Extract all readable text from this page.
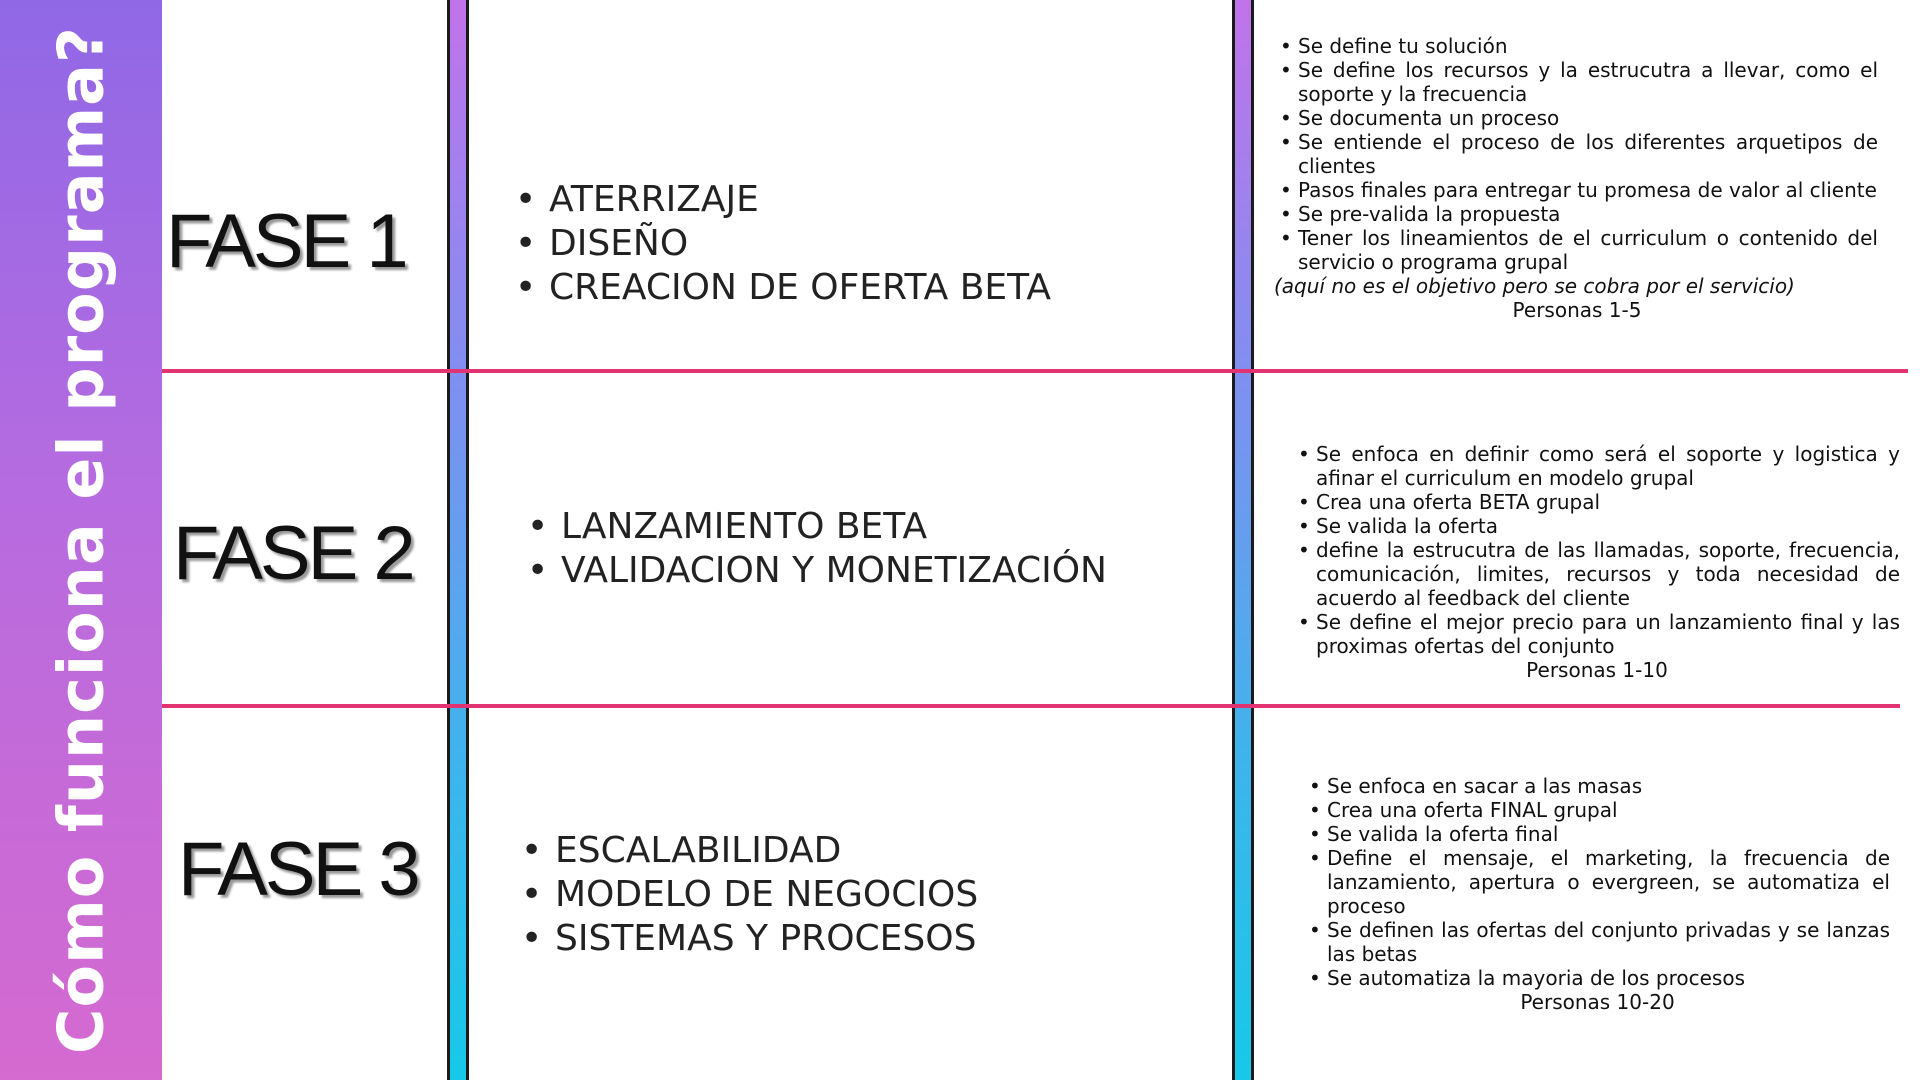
Cómo funciona el programa? FASE 1
FASE 2
FASE 3
• ATERRIZAJE
• DISEÑO
• CREACION DE OFERTA BETA
• LANZAMIENTO BETA
• VALIDACION Y MONETIZACIÓN
• ESCALABILIDAD
• MODELO DE NEGOCIOS
• SISTEMAS Y PROCESOS
• Se define tu solución
• Se define los recursos y la estrucutra a llevar, como el soporte y la frecuencia
• Se documenta un proceso
• Se entiende el proceso de los diferentes arquetipos de clientes
• Pasos finales para entregar tu promesa de valor al cliente
• Se pre-valida la propuesta
• Tener los lineamientos de el curriculum o contenido del servicio o programa grupal
(aquí no es el objetivo pero se cobra por el servicio)
Personas 1-5
• Se enfoca en definir como será el soporte y logistica y afinar el curriculum en modelo grupal
• Crea una oferta BETA grupal
• Se valida la oferta
• define la estrucutra de las llamadas, soporte, frecuencia, comunicación, limites, recursos y toda necesidad de acuerdo al feedback del cliente
• Se define el mejor precio para un lanzamiento final y las proximas ofertas del conjunto
Personas 1-10
• Se enfoca en sacar a las masas
• Crea una oferta FINAL grupal
• Se valida la oferta final
• Define el mensaje, el marketing, la frecuencia de lanzamiento, apertura o evergreen, se automatiza el proceso
• Se definen las ofertas del conjunto privadas y se lanzas las betas
• Se automatiza la mayoria de los procesos
Personas 10-20
